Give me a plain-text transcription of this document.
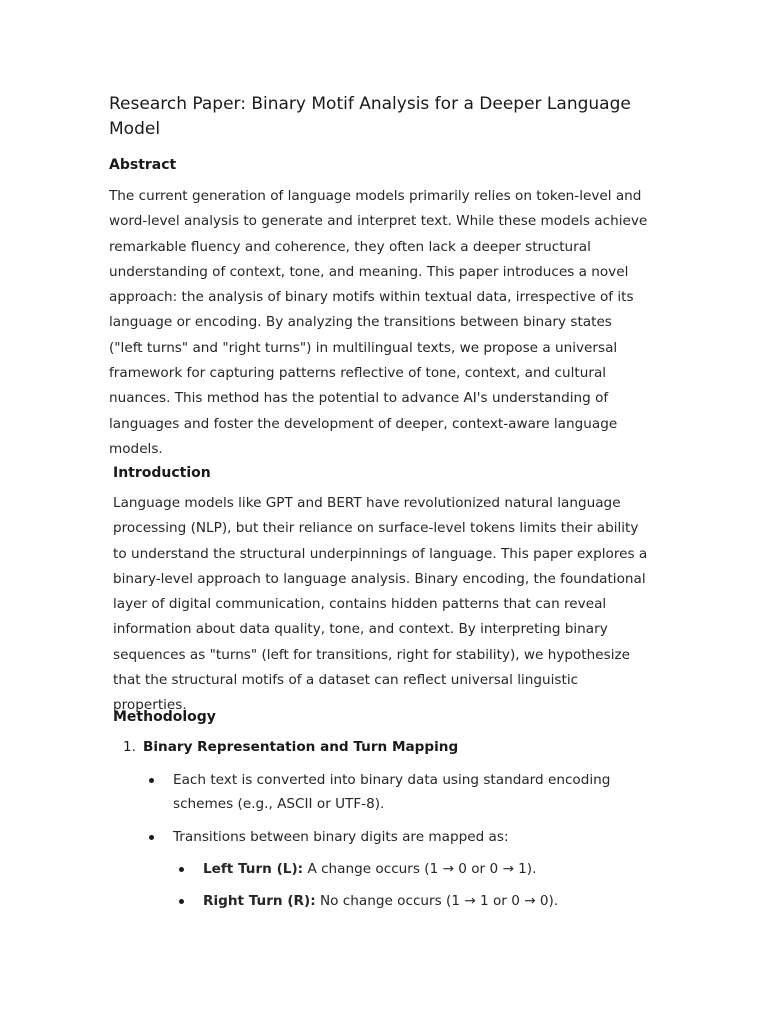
Research Paper: Binary Motif Analysis for a Deeper Language Model
Abstract

The current generation of language models primarily relies on token-level and word-level analysis to generate and interpret text. While these models achieve remarkable fluency and coherence, they often lack a deeper structural understanding of context, tone, and meaning. This paper introduces a novel approach: the analysis of binary motifs within textual data, irrespective of its language or encoding. By analyzing the transitions between binary states ("left turns" and "right turns") in multilingual texts, we propose a universal framework for capturing patterns reflective of tone, context, and cultural nuances. This method has the potential to advance AI's understanding of languages and foster the development of deeper, context-aware language models.

Introduction

Language models like GPT and BERT have revolutionized natural language processing (NLP), but their reliance on surface-level tokens limits their ability to understand the structural underpinnings of language. This paper explores a binary-level approach to language analysis. Binary encoding, the foundational layer of digital communication, contains hidden patterns that can reveal information about data quality, tone, and context. By interpreting binary sequences as "turns" (left for transitions, right for stability), we hypothesize that the structural motifs of a dataset can reflect universal linguistic properties.

Methodology
1. Binary Representation and Turn Mapping
Each text is converted into binary data using standard encoding schemes (e.g., ASCII or UTF-8).
Transitions between binary digits are mapped as:
Left Turn (L): A change occurs (1 → 0 or 0 → 1).
Right Turn (R): No change occurs (1 → 1 or 0 → 0).
